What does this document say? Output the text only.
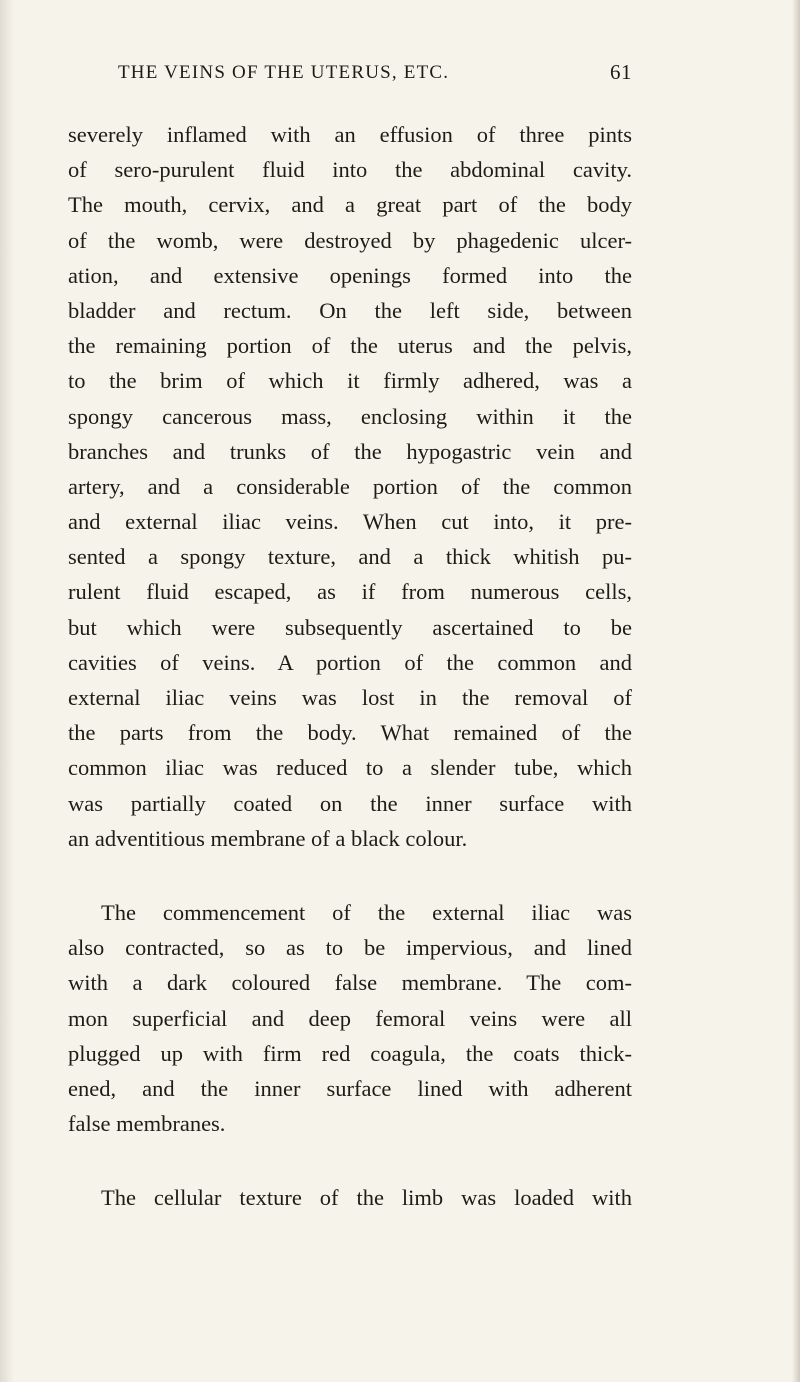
THE VEINS OF THE UTERUS, ETC.	61
severely inflamed with an effusion of three pints
of sero-purulent fluid into the abdominal cavity.
The mouth, cervix, and a great part of the body
of the womb, were destroyed by phagedenic ulcer-
ation, and extensive openings formed into the
bladder and rectum. On the left side, between
the remaining portion of the uterus and the pelvis,
to the brim of which it firmly adhered, was a
spongy cancerous mass, enclosing within it the
branches and trunks of the hypogastric vein and
artery, and a considerable portion of the common
and external iliac veins. When cut into, it pre-
sented a spongy texture, and a thick whitish pu-
rulent fluid escaped, as if from numerous cells,
but which were subsequently ascertained to be
cavities of veins. A portion of the common and
external iliac veins was lost in the removal of
the parts from the body. What remained of the
common iliac was reduced to a slender tube, which
was partially coated on the inner surface with
an adventitious membrane of a black colour.
The commencement of the external iliac was
also contracted, so as to be impervious, and lined
with a dark coloured false membrane. The com-
mon superficial and deep femoral veins were all
plugged up with firm red coagula, the coats thick-
ened, and the inner surface lined with adherent
false membranes.
The cellular texture of the limb was loaded with
